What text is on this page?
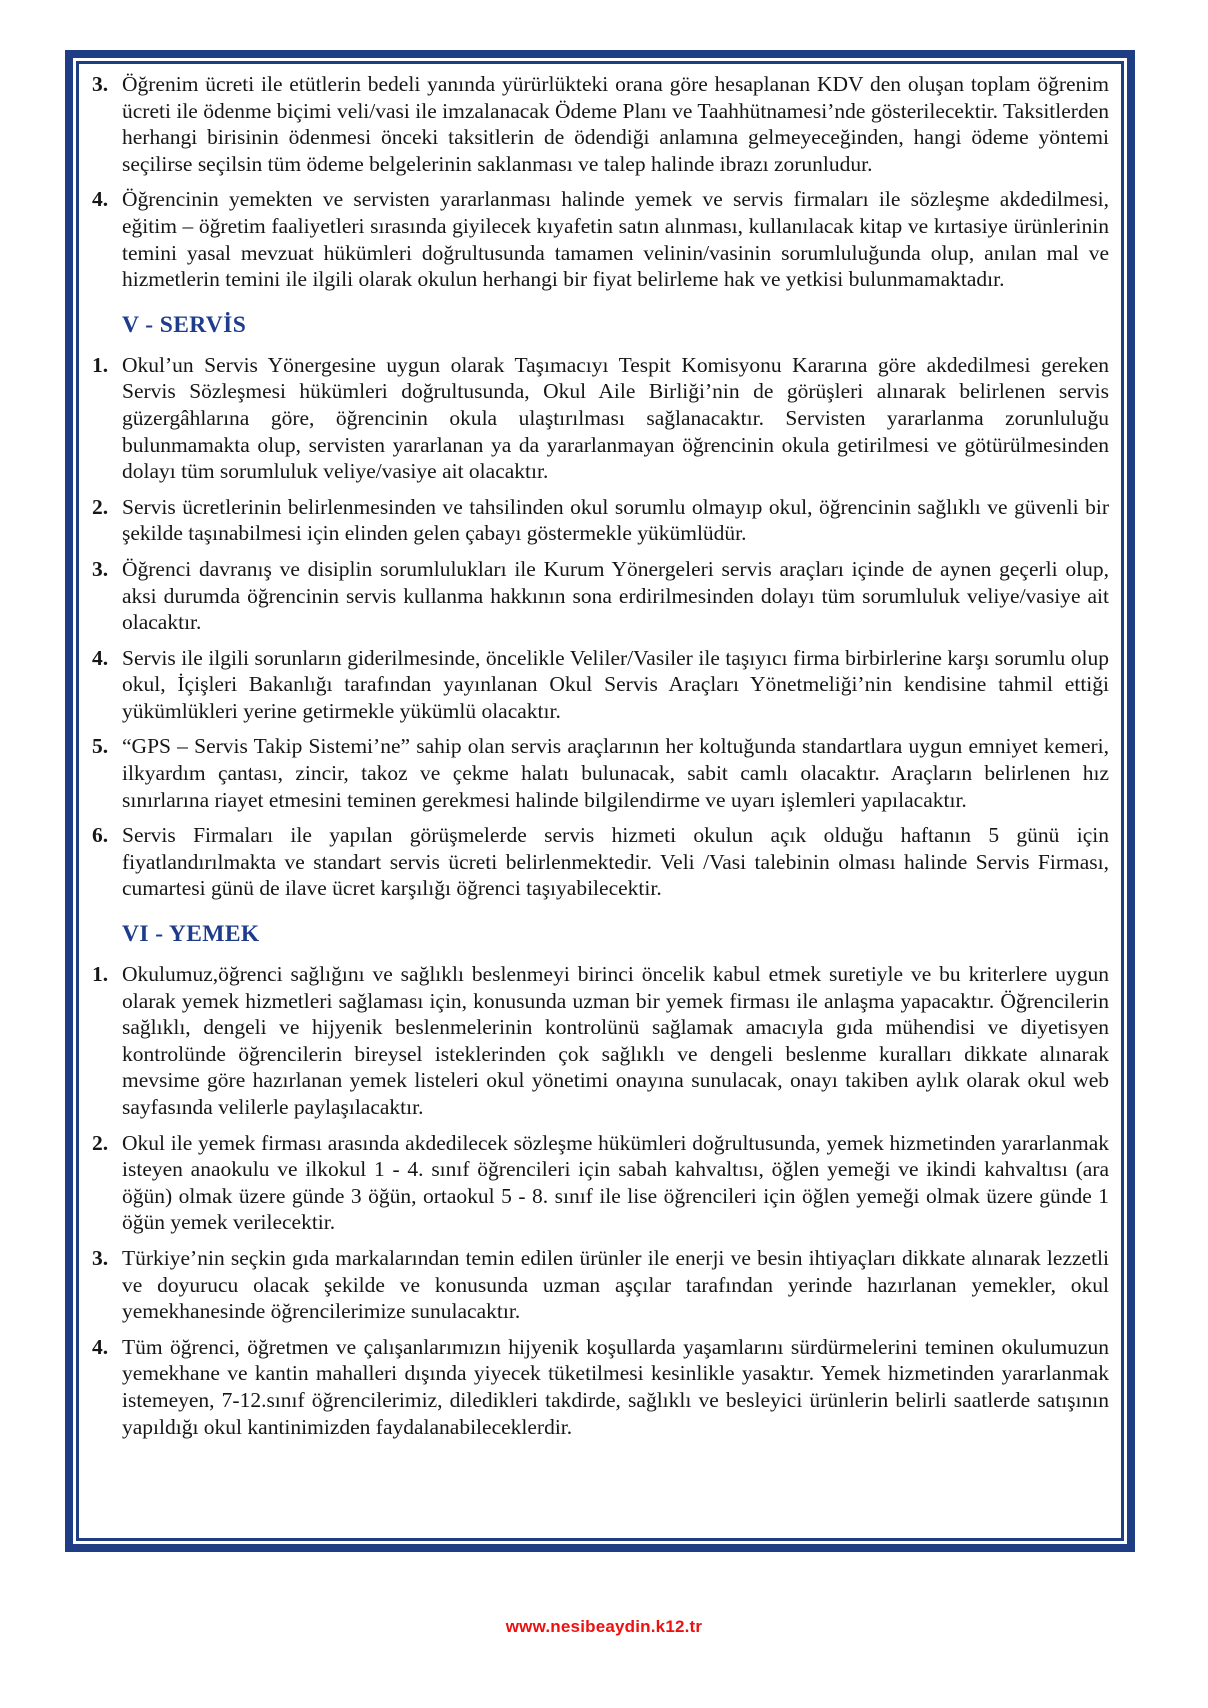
3. Öğrenim ücreti ile etütlerin bedeli yanında yürürlükteki orana göre hesaplanan KDV den oluşan toplam öğrenim ücreti ile ödenme biçimi veli/vasi ile imzalanacak Ödeme Planı ve Taahhütnamesi’nde gösterilecektir. Taksitlerden herhangi birisinin ödenmesi önceki taksitlerin de ödendiği anlamına gelmeyeceğinden, hangi ödeme yöntemi seçilirse seçilsin tüm ödeme belgelerinin saklanması ve talep halinde ibrazı zorunludur.
4. Öğrencinin yemekten ve servisten yararlanması halinde yemek ve servis firmaları ile sözleşme akdedilmesi, eğitim – öğretim faaliyetleri sırasında giyilecek kıyafetin satın alınması, kullanılacak kitap ve kırtasiye ürünlerinin temini yasal mevzuat hükümleri doğrultusunda tamamen velinin/vasinin sorumluluğunda olup, anılan mal ve hizmetlerin temini ile ilgili olarak okulun herhangi bir fiyat belirleme hak ve yetkisi bulunmamaktadır.
V - SERVİS
1. Okul’un Servis Yönergesine uygun olarak Taşımacıyı Tespit Komisyonu Kararına göre akdedilmesi gereken Servis Sözleşmesi hükümleri doğrultusunda, Okul Aile Birliği’nin de görüşleri alınarak belirlenen servis güzergâhlarına göre, öğrencinin okula ulaştırılması sağlanacaktır. Servisten yararlanma zorunluluğu bulunmamakta olup, servisten yararlanan ya da yararlanmayan öğrencinin okula getirilmesi ve götürülmesinden dolayı tüm sorumluluk veliye/vasiye ait olacaktır.
2. Servis ücretlerinin belirlenmesinden ve tahsilinden okul sorumlu olmayıp okul, öğrencinin sağlıklı ve güvenli bir şekilde taşınabilmesi için elinden gelen çabayı göstermekle yükümlüdür.
3. Öğrenci davranış ve disiplin sorumlulukları ile Kurum Yönergeleri servis araçları içinde de aynen geçerli olup, aksi durumda öğrencinin servis kullanma hakkının sona erdirilmesinden dolayı tüm sorumluluk veliye/vasiye ait olacaktır.
4. Servis ile ilgili sorunların giderilmesinde, öncelikle Veliler/Vasiler ile taşıyıcı firma birbirlerine karşı sorumlu olup okul, İçişleri Bakanlığı tarafından yayınlanan Okul Servis Araçları Yönetmeliği’nin kendisine tahmil ettiği yükümlükleri yerine getirmekle yükümlü olacaktır.
5. “GPS – Servis Takip Sistemi’ne” sahip olan servis araçlarının her koltuğunda standartlara uygun emniyet kemeri, ilkyardım çantası, zincir, takoz ve çekme halatı bulunacak, sabit camlı olacaktır. Araçların belirlenen hız sınırlarına riayet etmesini teminen gerekmesi halinde bilgilendirme ve uyarı işlemleri yapılacaktır.
6. Servis Firmaları ile yapılan görüşmelerde servis hizmeti okulun açık olduğu haftanın 5 günü için fiyatlandırılmakta ve standart servis ücreti belirlenmektedir. Veli /Vasi talebinin olması halinde Servis Firması, cumartesi günü de ilave ücret karşılığı öğrenci taşıyabilecektir.
VI - YEMEK
1. Okulumuz,öğrenci sağlığını ve sağlıklı beslenmeyi birinci öncelik kabul etmek suretiyle ve bu kriterlere uygun olarak yemek hizmetleri sağlaması için, konusunda uzman bir yemek firması ile anlaşma yapacaktır. Öğrencilerin sağlıklı, dengeli ve hijyenik beslenmelerinin kontrolünü sağlamak amacıyla gıda mühendisi ve diyetisyen kontrolünde öğrencilerin bireysel isteklerinden çok sağlıklı ve dengeli beslenme kuralları dikkate alınarak mevsime göre hazırlanan yemek listeleri okul yönetimi onayına sunulacak, onayı takiben aylık olarak okul web sayfasında velilerle paylaşılacaktır.
2. Okul ile yemek firması arasında akdedilecek sözleşme hükümleri doğrultusunda, yemek hizmetinden yararlanmak isteyen anaokulu ve ilkokul 1 - 4. sınıf öğrencileri için sabah kahvaltısı, öğlen yemeği ve ikindi kahvaltısı (ara öğün) olmak üzere günde 3 öğün, ortaokul 5 - 8. sınıf ile lise öğrencileri için öğlen yemeği olmak üzere günde 1 öğün yemek verilecektir.
3. Türkiye’nin seçkin gıda markalarından temin edilen ürünler ile enerji ve besin ihtiyaçları dikkate alınarak lezzetli ve doyurucu olacak şekilde ve konusunda uzman aşçılar tarafından yerinde hazırlanan yemekler, okul yemekhanesinde öğrencilerimize sunulacaktır.
4. Tüm öğrenci, öğretmen ve çalışanlarımızın hijyenik koşullarda yaşamlarını sürdürmelerini teminen okulumuzun yemekhane ve kantin mahalleri dışında yiyecek tüketilmesi kesinlikle yasaktır. Yemek hizmetinden yararlanmak istemeyen, 7-12.sınıf öğrencilerimiz, diledikleri takdirde, sağlıklı ve besleyici ürünlerin belirli saatlerde satışının yapıldığı okul kantinimizden faydalanabileceklerdir.
www.nesibeaydin.k12.tr
